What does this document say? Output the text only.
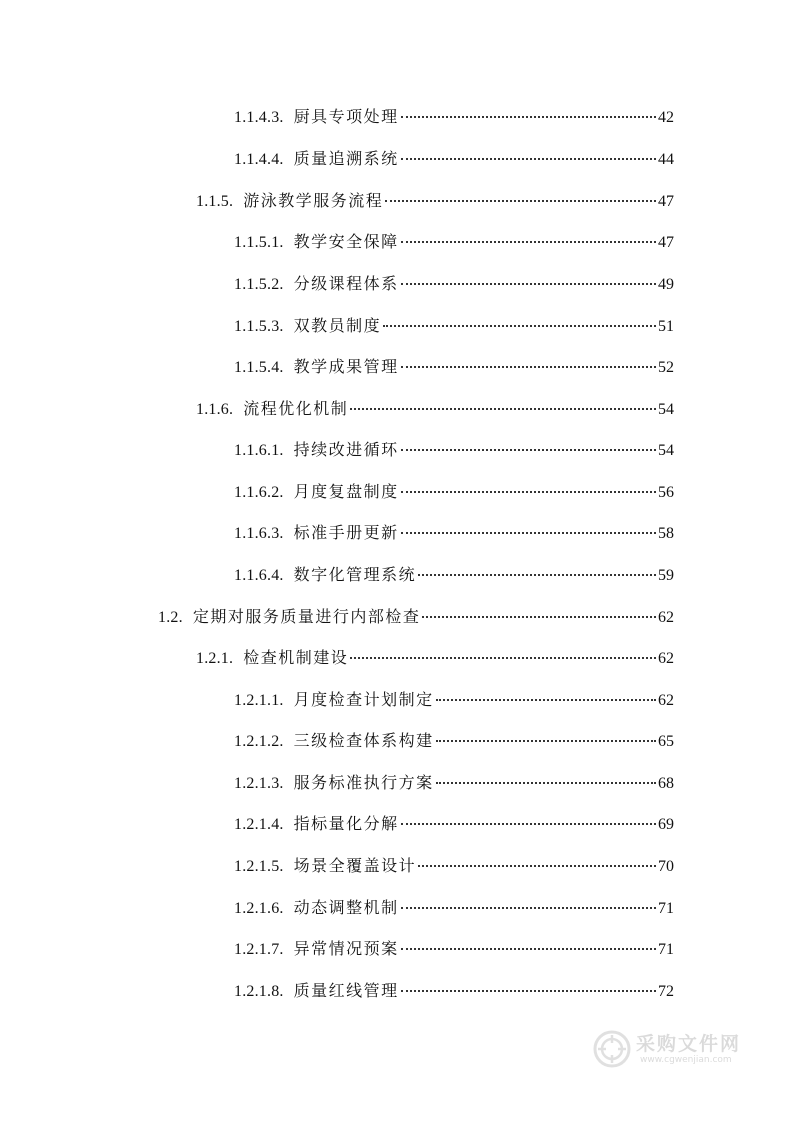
1.1.4.3. 厨具专项处理	42
1.1.4.4. 质量追溯系统	44
1.1.5. 游泳教学服务流程	47
1.1.5.1. 教学安全保障	47
1.1.5.2. 分级课程体系	49
1.1.5.3. 双教员制度	51
1.1.5.4. 教学成果管理	52
1.1.6. 流程优化机制	54
1.1.6.1. 持续改进循环	54
1.1.6.2. 月度复盘制度	56
1.1.6.3. 标准手册更新	58
1.1.6.4. 数字化管理系统	59
1.2. 定期对服务质量进行内部检查	62
1.2.1. 检查机制建设	62
1.2.1.1. 月度检查计划制定	62
1.2.1.2. 三级检查体系构建	65
1.2.1.3. 服务标准执行方案	68
1.2.1.4. 指标量化分解	69
1.2.1.5. 场景全覆盖设计	70
1.2.1.6. 动态调整机制	71
1.2.1.7. 异常情况预案	71
1.2.1.8. 质量红线管理	72
采购文件网
www.cgwenjian.com
